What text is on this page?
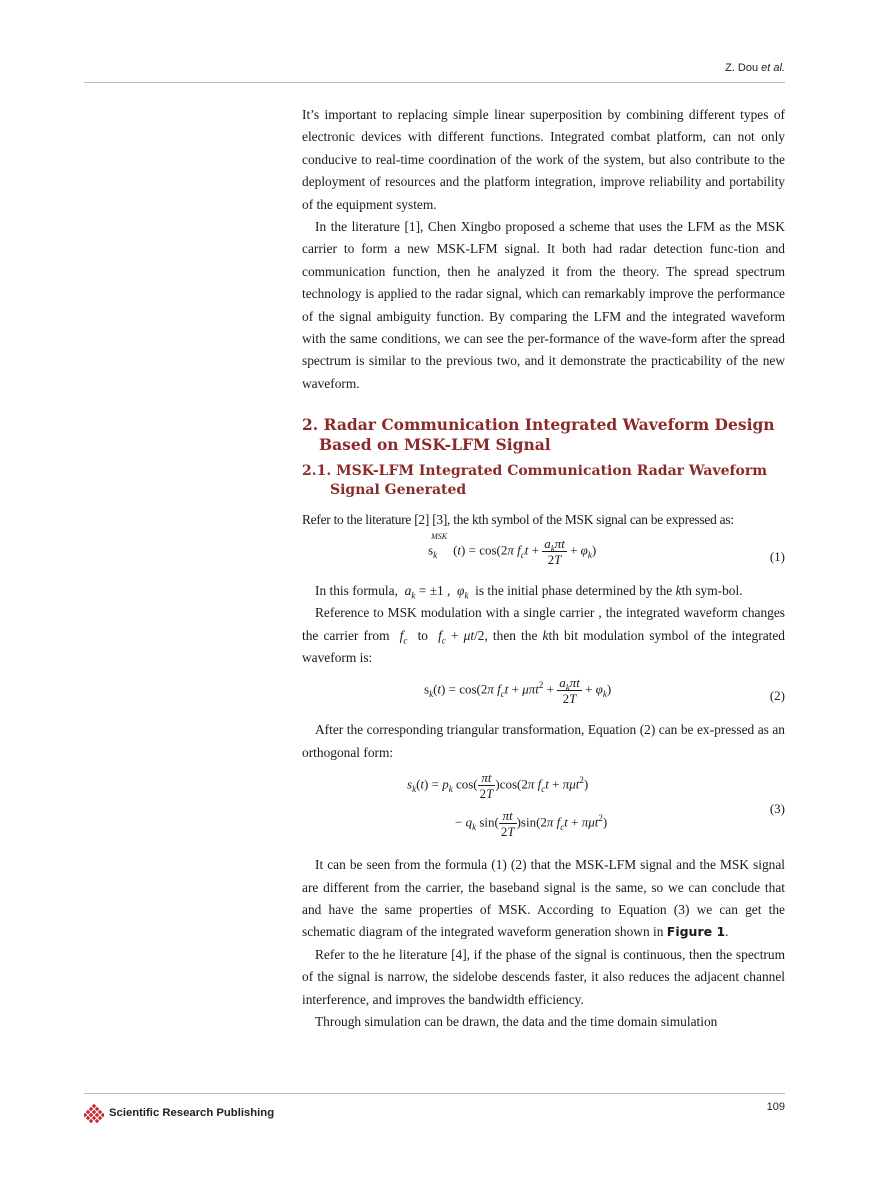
Z. Dou et al.

It’s important to replacing simple linear superposition by combining different types of electronic devices with different functions. Integrated combat platform, can not only conducive to real-time coordination of the work of the system, but also contribute to the deployment of resources and the platform integration, improve reliability and portability of the equipment system.

In the literature [1], Chen Xingbo proposed a scheme that uses the LFM as the MSK carrier to form a new MSK-LFM signal. It both had radar detection func-tion and communication function, then he analyzed it from the theory. The spread spectrum technology is applied to the radar signal, which can remarkably improve the performance of the signal ambiguity function. By comparing the LFM and the integrated waveform with the same conditions, we can see the per-formance of the wave-form after the spread spectrum is similar to the previous two, and it demonstrate the practicability of the new waveform.

2. Radar Communication Integrated Waveform Design
Based on MSK-LFM Signal
2.1. MSK-LFM Integrated Communication Radar Waveform
Signal Generated

Refer to the literature [2] [3], the kth symbol of the MSK signal can be expressed as:

$s_k^{MSK}(t) = \cos(2\pi$ $f_ct + \frac{a_k\pi t}{2T} + \varphi_k$)	(1)

In this formula, $a_k = \pm 1$ ,  $\varphi_k$ is the initial phase determined by the kth sym-bol.

Reference to MSK modulation with a single carrier , the integrated waveform changes the carrier from $f_c$ to $f_c + \mu t/2$, then the kth bit modulation symbol of the integrated waveform is:

$s_k(t) = \cos(2\pi$ $f_ct + \mu\pi t^2 + \frac{a_k\pi t}{2T} + \varphi_k$)	(2)

After the corresponding triangular transformation, Equation (2) can be ex-pressed as an orthogonal form:

$s_k(t) = p_k$ $\cos( \frac{\pi t}{2T} )\cos(2\pi$ $f_ct + \pi\mu t^2$)
− $q_k$ $\sin( \frac{\pi t}{2T} )\sin(2\pi$ $f_ct + \pi\mu t^2$)
(3)

It can be seen from the formula (1) (2) that the MSK-LFM signal and the MSK signal are different from the carrier, the baseband signal is the same, so we can conclude that and have the same properties of MSK. According to Equation (3) we can get the schematic diagram of the integrated waveform generation shown in Figure 1.

Refer to the he literature [4], if the phase of the signal is continuous, then the spectrum of the signal is narrow, the sidelobe descends faster, it also reduces the adjacent channel interference, and improves the bandwidth efficiency.

Through simulation can be drawn, the data and the time domain simulation

Scientific Research Publishing	109
